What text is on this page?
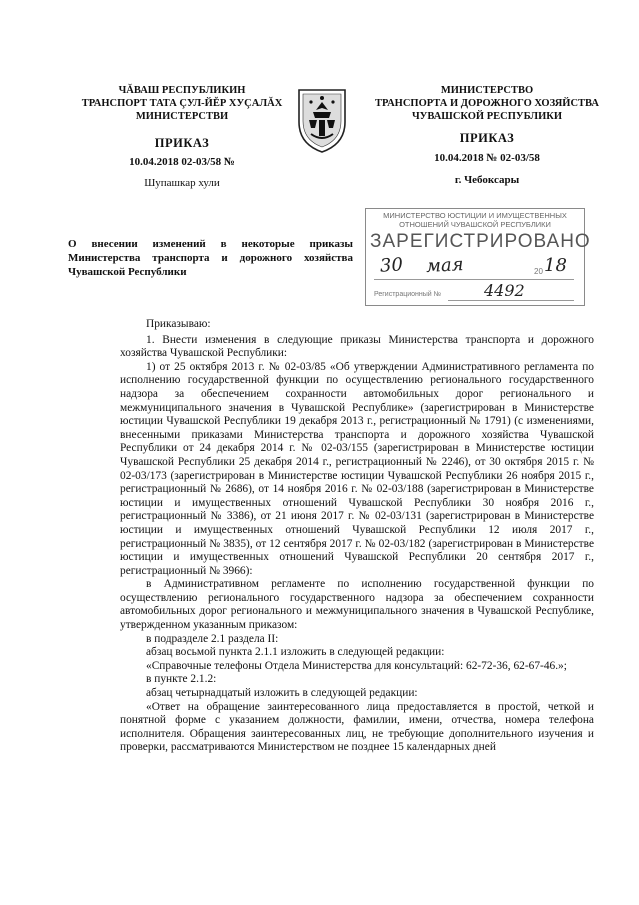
ЧĂВАШ РЕСПУБЛИКИН
ТРАНСПОРТ ТАТА ÇУЛ-ЙĔР ХУÇАЛĂХ
МИНИСТЕРСТВИ
ПРИКАЗ
10.04.2018 02-03/58 №
Шупашкар хули
МИНИСТЕРСТВО
ТРАНСПОРТА И ДОРОЖНОГО ХОЗЯЙСТВА
ЧУВАШСКОЙ РЕСПУБЛИКИ
ПРИКАЗ
10.04.2018 № 02-03/58
г. Чебоксары
О внесении изменений в некоторые приказы Министерства транспорта и дорожного хозяйства Чувашской Республики
МИНИСТЕРСТВО ЮСТИЦИИ И ИМУЩЕСТВЕННЫХ ОТНОШЕНИЙ ЧУВАШСКОЙ РЕСПУБЛИКИ
ЗАРЕГИСТРИРОВАНО
30 мая	20 18
Регистрационный №	4492

Приказываю:

1. Внести изменения в следующие приказы Министерства транспорта и дорожного хозяйства Чувашской Республики:

1) от 25 октября 2013 г. № 02-03/85 «Об утверждении Административного регламента по исполнению государственной функции по осуществлению регионального государственного надзора за обеспечением сохранности автомобильных дорог регионального и межмуниципального значения в Чувашской Республике» (зарегистрирован в Министерстве юстиции Чувашской Республики 19 декабря 2013 г., регистрационный № 1791) (с изменениями, внесенными приказами Министерства транспорта и дорожного хозяйства Чувашской Республики от 24 декабря 2014 г. № 02-03/155 (зарегистрирован в Министерстве юстиции Чувашской Республики 25 декабря 2014 г., регистрационный № 2246), от 30 октября 2015 г. № 02-03/173 (зарегистрирован в Министерстве юстиции Чувашской Республики 26 ноября 2015 г., регистрационный № 2686), от 14 ноября 2016 г. № 02-03/188 (зарегистрирован в Министерстве юстиции и имущественных отношений Чувашской Республики 30 ноября 2016 г., регистрационный № 3386), от 21 июня 2017 г. № 02-03/131 (зарегистрирован в Министерстве юстиции и имущественных отношений Чувашской Республики 12 июля 2017 г., регистрационный № 3835), от 12 сентября 2017 г. № 02-03/182 (зарегистрирован в Министерстве юстиции и имущественных отношений Чувашской Республики 20 сентября 2017 г., регистрационный № 3966):

в Административном регламенте по исполнению государственной функции по осуществлению регионального государственного надзора за обеспечением сохранности автомобильных дорог регионального и межмуниципального значения в Чувашской Республике, утвержденном указанным приказом:

в подразделе 2.1 раздела II:

абзац восьмой пункта 2.1.1 изложить в следующей редакции:

«Справочные телефоны Отдела Министерства для консультаций: 62-72-36, 62-67-46.»;

в пункте 2.1.2:

абзац четырнадцатый изложить в следующей редакции:

«Ответ на обращение заинтересованного лица предоставляется в простой, четкой и понятной форме с указанием должности, фамилии, имени, отчества, номера телефона исполнителя. Обращения заинтересованных лиц, не требующие дополнительного изучения и проверки, рассматриваются Министерством не позднее 15 календарных дней
